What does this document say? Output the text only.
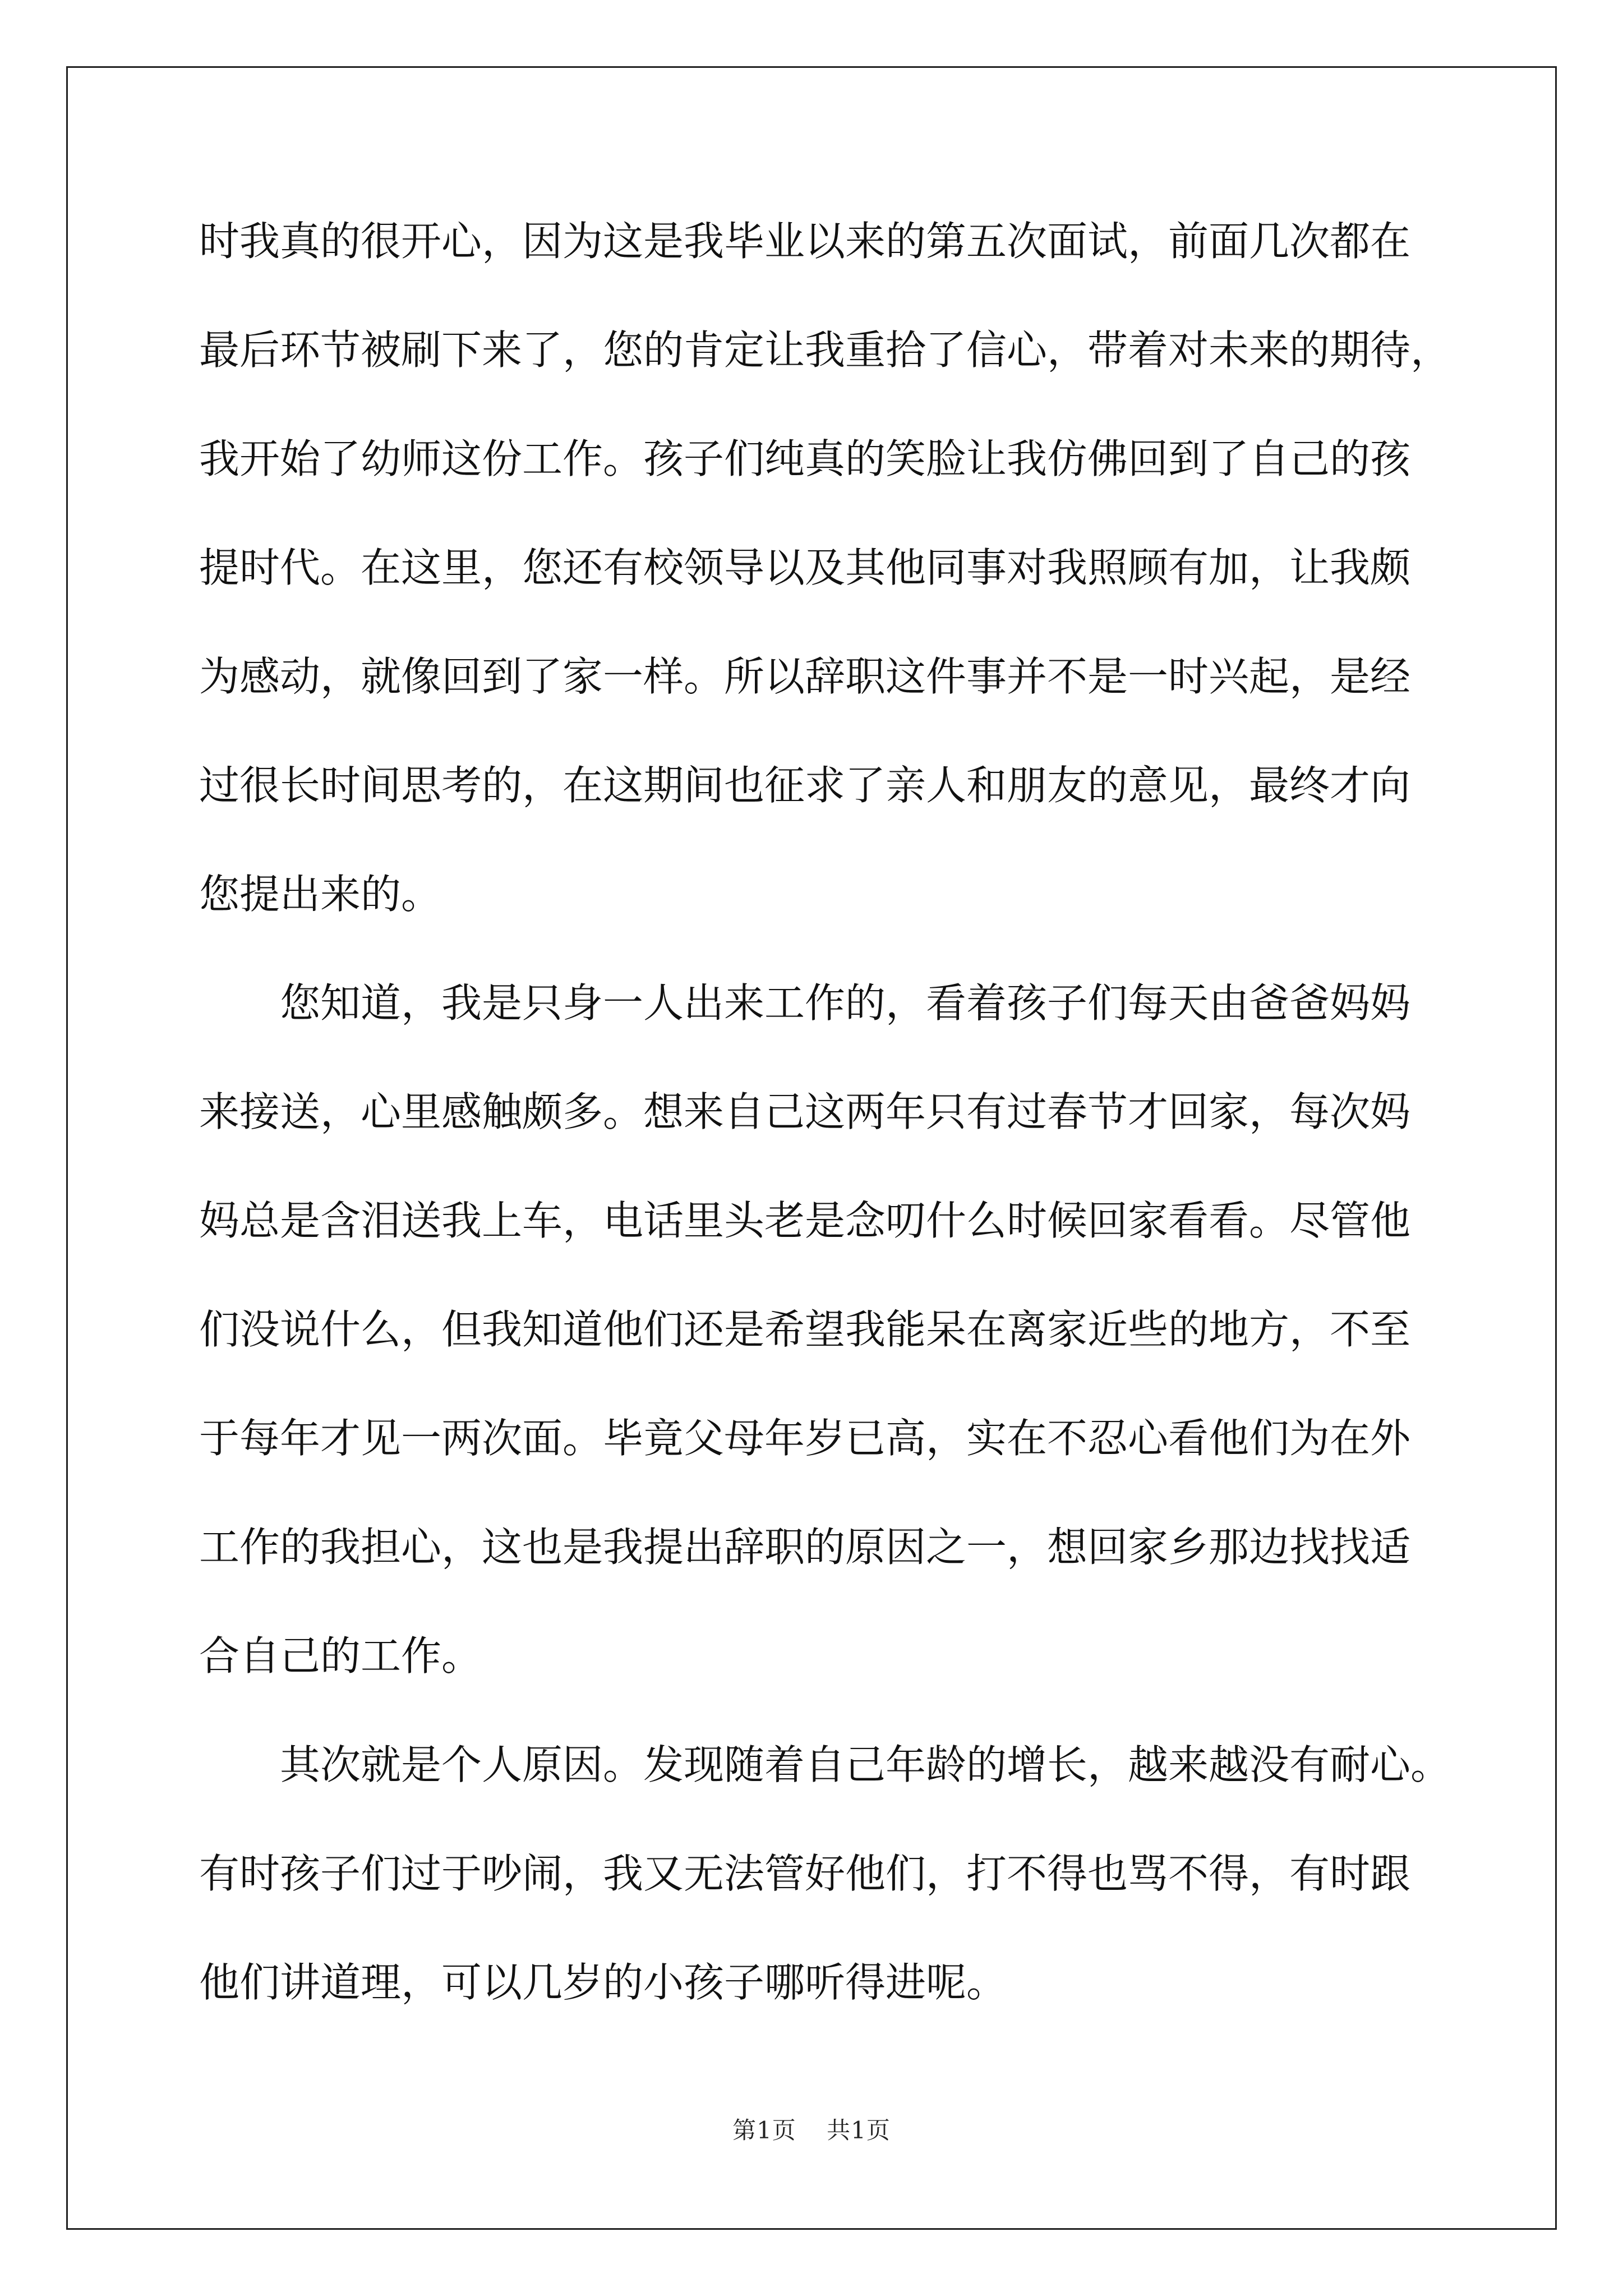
时我真的很开心，因为这是我毕业以来的第五次面试，前面几次都在
最后环节被刷下来了，您的肯定让我重拾了信心，带着对未来的期待，
我开始了幼师这份工作。孩子们纯真的笑脸让我仿佛回到了自己的孩
提时代。在这里，您还有校领导以及其他同事对我照顾有加，让我颇
为感动，就像回到了家一样。所以辞职这件事并不是一时兴起，是经
过很长时间思考的，在这期间也征求了亲人和朋友的意见，最终才向
您提出来的。
　　您知道，我是只身一人出来工作的，看着孩子们每天由爸爸妈妈
来接送，心里感触颇多。想来自己这两年只有过春节才回家，每次妈
妈总是含泪送我上车，电话里头老是念叨什么时候回家看看。尽管他
们没说什么，但我知道他们还是希望我能呆在离家近些的地方，不至
于每年才见一两次面。毕竟父母年岁已高，实在不忍心看他们为在外
工作的我担心，这也是我提出辞职的原因之一，想回家乡那边找找适
合自己的工作。
　　其次就是个人原因。发现随着自己年龄的增长，越来越没有耐心。
有时孩子们过于吵闹，我又无法管好他们，打不得也骂不得，有时跟
他们讲道理，可以几岁的小孩子哪听得进呢。
第1页 共1页
